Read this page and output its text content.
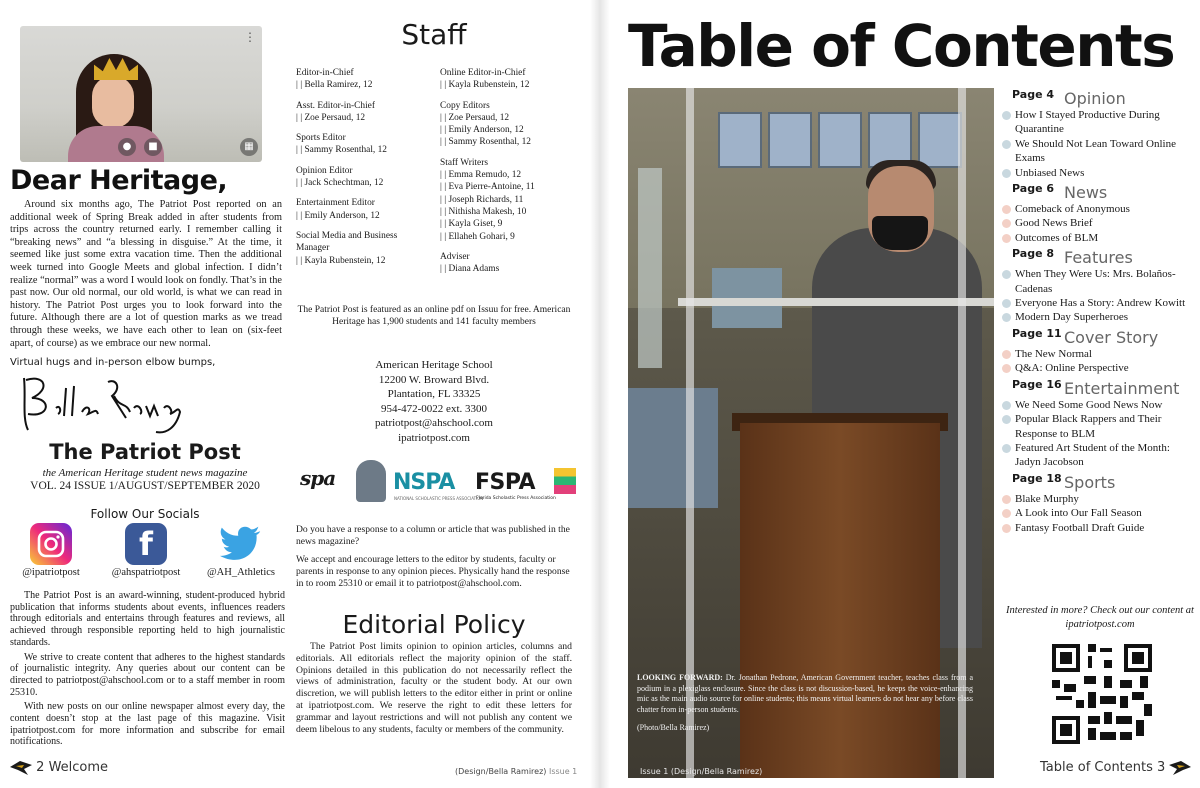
⋮
●	■	▦
Dear Heritage,

Around six months ago, The Patriot Post reported on an additional week of Spring Break added in after students from trips across the country returned early. I remember calling it “breaking news” and “a blessing in disguise.” At the time, it seemed like just some extra vacation time. Then the additional week turned into Google Meets and global infection. I didn’t realize “normal” was a word I would look on fondly. That’s in the past now. Our old normal, our old world, is what we can read in history. The Patriot Post urges you to look forward into the future. Although there are a lot of question marks as we tread through these weeks, we have each other to lean on (six-feet apart, of course) as we embrace our new normal.

Virtual hugs and in-person elbow bumps,
The Patriot Post
the American Heritage student news magazine
VOL. 24 ISSUE 1/AUGUST/SEPTEMBER 2020
Follow Our Socials
@ipatriotpost
f
@ahspatriotpost	@AH_Athletics

The Patriot Post is an award-winning, student-produced hybrid publication that informs students about events, influences readers through editorials and entertains through features and reviews, all achieved through responsible reporting held to high journalistic standards.

We strive to create content that adheres to the highest standards of journalistic integrity. Any queries about our content can be directed to patriotpost@ahschool.com or to a staff member in room 25310.

With new posts on our online newspaper almost every day, the content doesn’t stop at the last page of this magazine. Visit ipatriotpost.com for more information and subscribe for email notifications.

2 Welcome	(Design/Bella Ramirez) Issue 1
Staff
Editor-in-Chief
| | Bella Ramirez, 12
Asst. Editor-in-Chief
| | Zoe Persaud, 12
Sports Editor
| | Sammy Rosenthal, 12
Opinion Editor
| | Jack Schechtman, 12
Entertainment Editor
| | Emily Anderson, 12
Social Media and Business Manager
| | Kayla Rubenstein, 12
Online Editor-in-Chief
| | Kayla Rubenstein, 12
Copy Editors
| | Zoe Persaud, 12
| | Emily Anderson, 12
| | Sammy Rosenthal, 12
Staff Writers
| | Emma Remudo, 12
| | Eva Pierre-Antoine, 11
| | Joseph Richards, 11
| | Nithisha Makesh, 10
| | Kayla Giset, 9
| | Ellaheh Gohari, 9
Adviser
| | Diana Adams
The Patriot Post is featured as an online pdf on Issuu for free. American Heritage has 1,900 students and 141 faculty members
American Heritage School
12200 W. Broward Blvd.
Plantation, FL 33325
954-472-0022 ext. 3300
patriotpost@ahschool.com
ipatriotpost.com
spa	NSPA
NATIONAL SCHOLASTIC PRESS ASSOCIATION
FSPA
Florida Scholastic Press Association

Do you have a response to a column or article that was published in the news magazine?

We accept and encourage letters to the editor by students, faculty or parents in response to any opinion pieces. Physically hand the response in to room 25310 or email it to patriotpost@ahschool.com.

Editorial Policy

The Patriot Post limits opinion to opinion articles, columns and editorials. All editorials reflect the majority opinion of the staff. Opinions detailed in this publication do not necessarily reflect the views of administration, faculty or the student body. At our own discretion, we will publish letters to the editor either in print or online at ipatriotpost.com. We reserve the right to edit these letters for grammar and layout restrictions and will not publish any content we deem libelous to any students, faculty or members of the community.

Table of Contents
LOOKING FORWARD: Dr. Jonathan Pedrone, American Government teacher, teaches class from a podium in a plexiglass enclosure. Since the class is not discussion-based, he keeps the voice-enhancing mic as the main audio source for online students; this means virtual learners do not hear any before class chatter from in-person students.
(Photo/Bella Ramirez)
Issue 1 (Design/Bella Ramirez)
Page 4 Opinion
How I Stayed Productive During Quarantine
We Should Not Lean Toward Online Exams
Unbiased News
Page 6 News
Comeback of Anonymous
Good News Brief
Outcomes of BLM
Page 8 Features
When They Were Us: Mrs. Bolaños-Cadenas
Everyone Has a Story: Andrew Kowitt
Modern Day Superheroes
Page 11 Cover Story
The New Normal
Q&A: Online Perspective
Page 16 Entertainment
We Need Some Good News Now
Popular Black Rappers and Their Response to BLM
Featured Art Student of the Month: Jadyn Jacobson
Page 18 Sports
Blake Murphy
A Look into Our Fall Season
Fantasy Football Draft Guide
Interested in more? Check out our content at ipatriotpost.com
Table of Contents 3
